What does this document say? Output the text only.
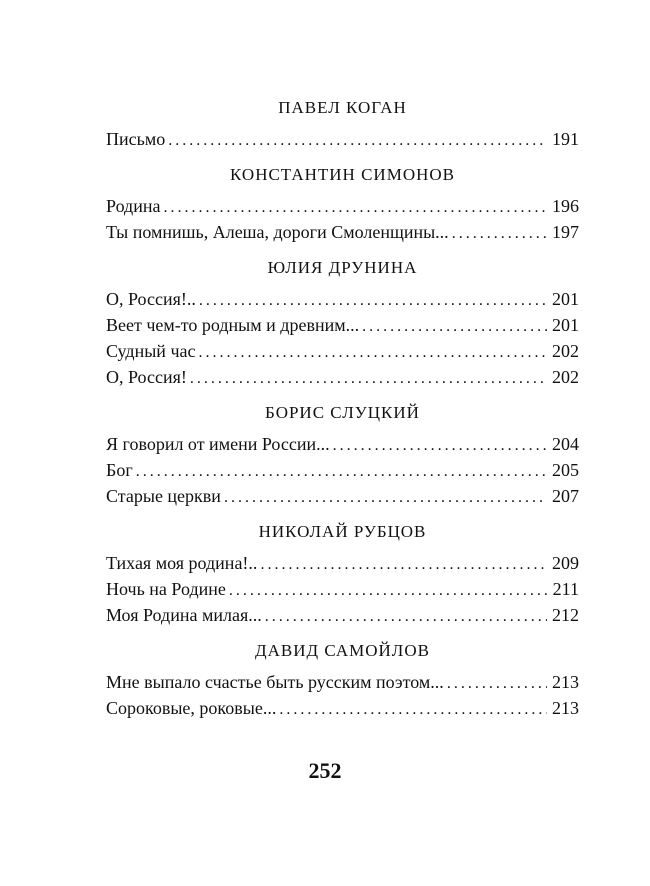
ПАВЕЛ КОГАН
Письмо . . .	191
КОНСТАНТИН СИМОНОВ
Родина . . .	196
Ты помнишь, Алеша, дороги Смоленщины... . . .	197
ЮЛИЯ ДРУНИНА
О, Россия!.. . . .	201
Веет чем-то родным и древним... . . .	201
Судный час . . .	202
О, Россия! . . .	202
БОРИС СЛУЦКИЙ
Я говорил от имени России... . . .	204
Бог . . .	205
Старые церкви . . .	207
НИКОЛАЙ РУБЦОВ
Тихая моя родина!.. . . .	209
Ночь на Родине . . .	211
Моя Родина милая... . . .	212
ДАВИД САМОЙЛОВ
Мне выпало счастье быть русским поэтом... . . .	213
Сороковые, роковые... . . .	213
252
